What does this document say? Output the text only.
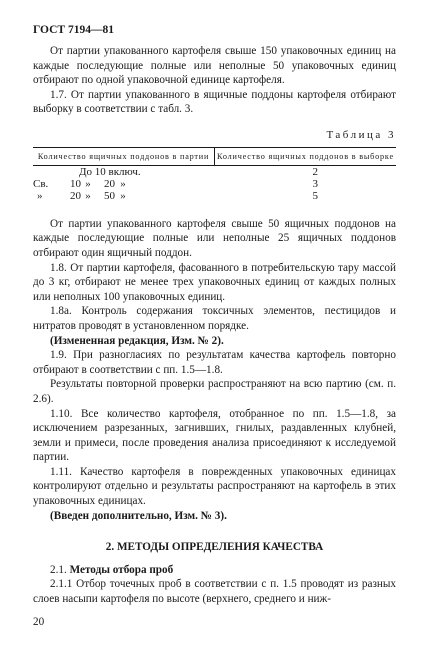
ГОСТ 7194—81

От партии упакованного картофеля свыше 150 упаковочных единиц на каждые последующие полные или неполные 50 упаковочных единиц отбирают по одной упаковочной единице картофеля.

1.7. От партии упакованного в ящичные поддоны картофеля отбирают выборку в соответствии с табл. 3.

Таблица 3
Количество ящичных поддонов в партии	Количество ящичных поддонов в выборке
До 10 включ.	2
Св. 10 » 20 »	3
» 20 » 50 »	5

От партии упакованного картофеля свыше 50 ящичных поддонов на каждые последующие полные или неполные 25 ящичных поддонов отбирают один ящичный поддон.

1.8. От партии картофеля, фасованного в потребительскую тару массой до 3 кг, отбирают не менее трех упаковочных единиц от каждых полных или неполных 100 упаковочных единиц.

1.8а. Контроль содержания токсичных элементов, пестицидов и нитратов проводят в установленном порядке.

(Измененная редакция, Изм. № 2).

1.9. При разногласиях по результатам качества картофель повторно отбирают в соответствии с пп. 1.5—1.8.

Результаты повторной проверки распространяют на всю партию (см. п. 2.6).

1.10. Все количество картофеля, отобранное по пп. 1.5—1.8, за исключением разрезанных, загнивших, гнилых, раздавленных клубней, земли и примеси, после проведения анализа присоединяют к исследуемой партии.

1.11. Качество картофеля в поврежденных упаковочных единицах контролируют отдельно и результаты распространяют на картофель в этих упаковочных единицах.

(Введен дополнительно, Изм. № 3).

2. МЕТОДЫ ОПРЕДЕЛЕНИЯ КАЧЕСТВА

2.1. Методы отбора проб

2.1.1 Отбор точечных проб в соответствии с п. 1.5 проводят из разных слоев насыпи картофеля по высоте (верхнего, среднего и ниж-

20
